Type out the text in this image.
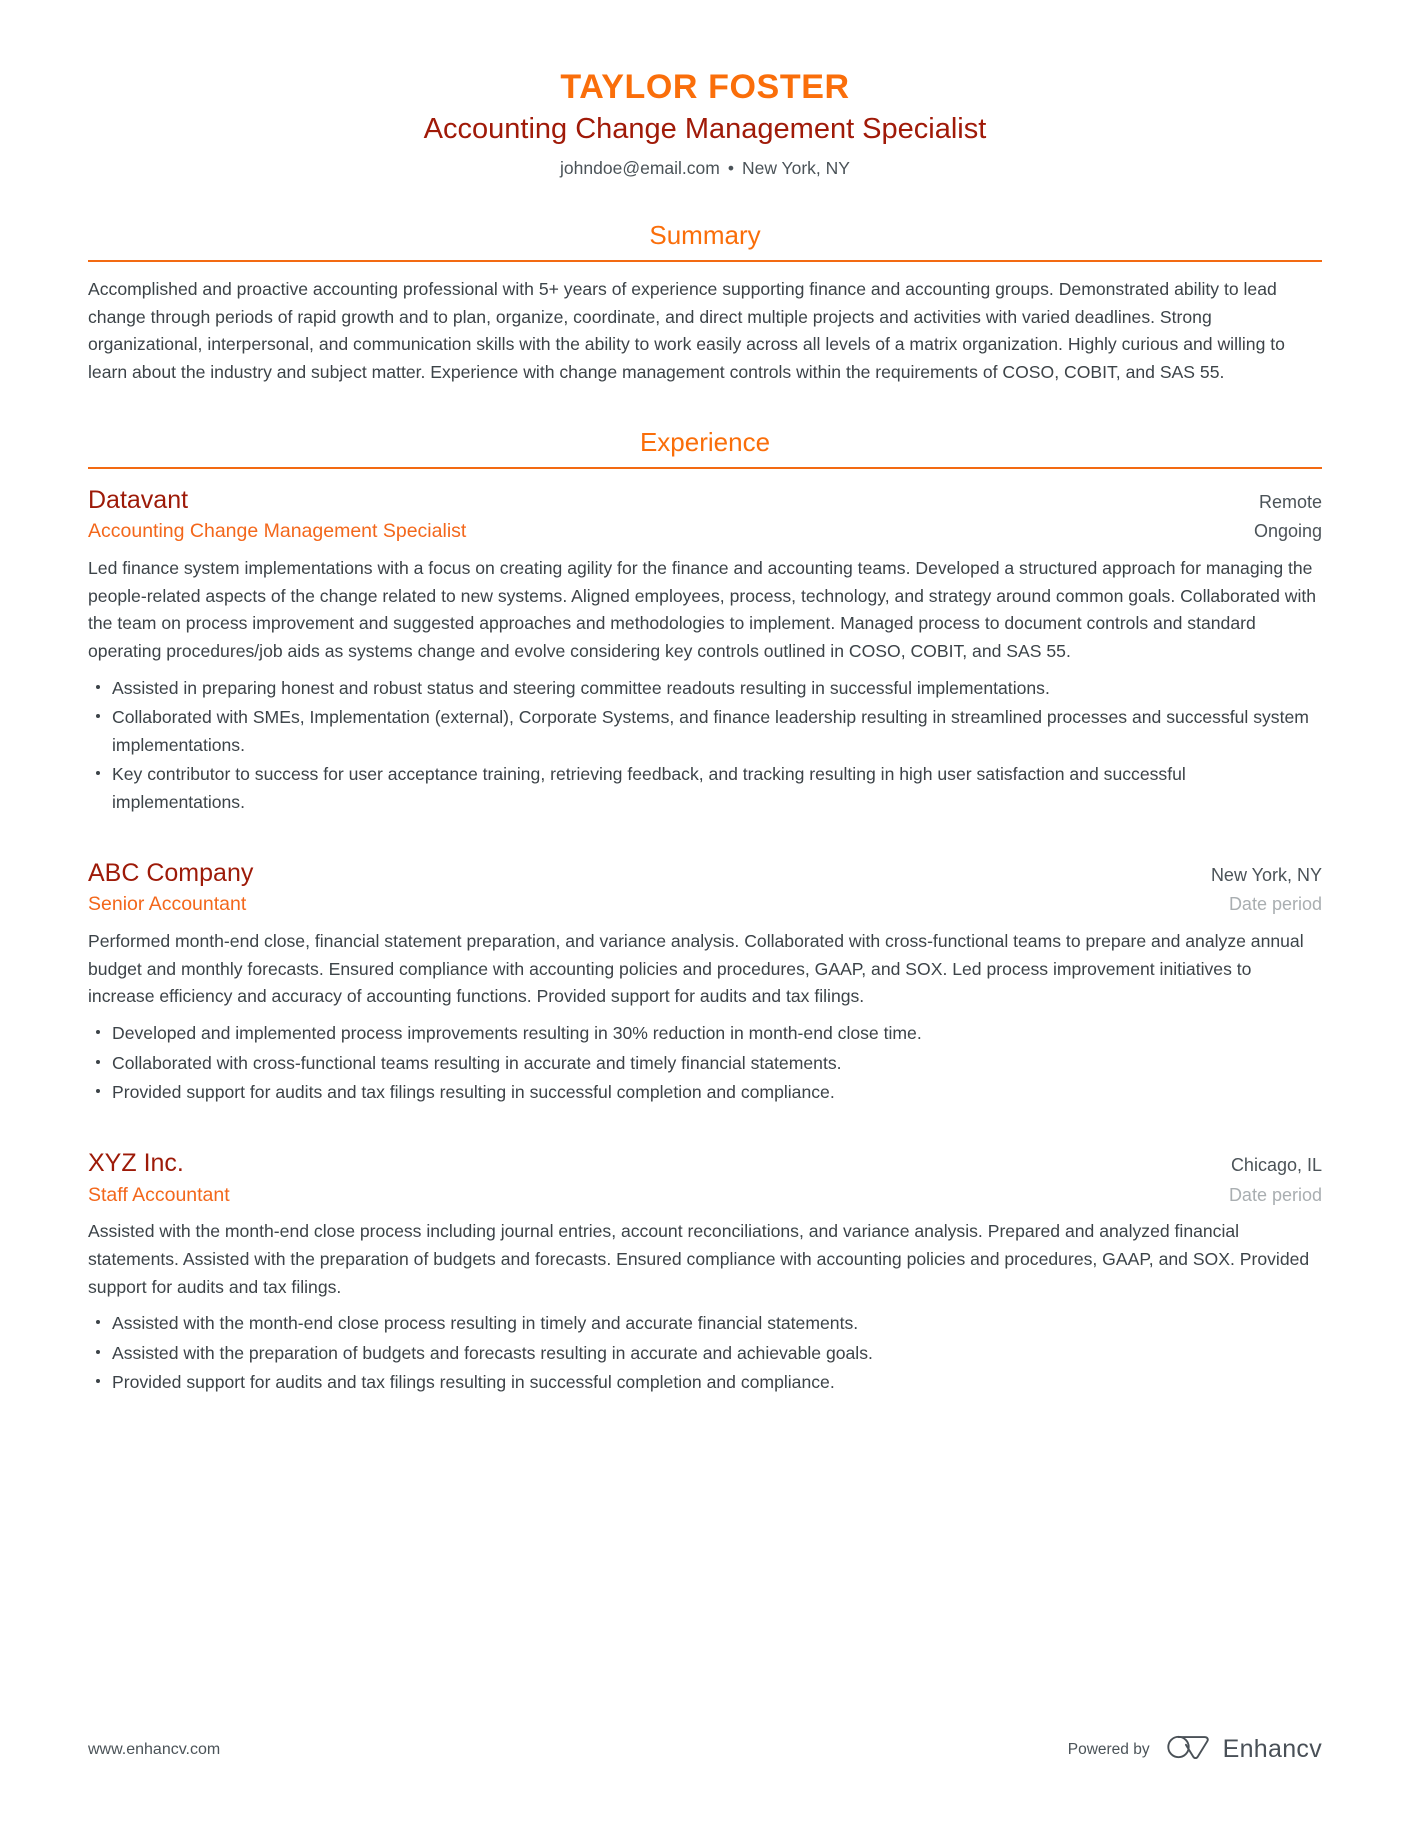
TAYLOR FOSTER
Accounting Change Management Specialist
johndoe@email.com • New York, NY
Summary

Accomplished and proactive accounting professional with 5+ years of experience supporting finance and accounting groups. Demonstrated ability to lead change through periods of rapid growth and to plan, organize, coordinate, and direct multiple projects and activities with varied deadlines. Strong organizational, interpersonal, and communication skills with the ability to work easily across all levels of a matrix organization. Highly curious and willing to learn about the industry and subject matter. Experience with change management controls within the requirements of COSO, COBIT, and SAS 55.

Experience
Datavant	Remote
Accounting Change Management Specialist	Ongoing

Led finance system implementations with a focus on creating agility for the finance and accounting teams. Developed a structured approach for managing the people-related aspects of the change related to new systems. Aligned employees, process, technology, and strategy around common goals. Collaborated with the team on process improvement and suggested approaches and methodologies to implement. Managed process to document controls and standard operating procedures/job aids as systems change and evolve considering key controls outlined in COSO, COBIT, and SAS 55.

Assisted in preparing honest and robust status and steering committee readouts resulting in successful implementations.
Collaborated with SMEs, Implementation (external), Corporate Systems, and finance leadership resulting in streamlined processes and successful system implementations.
Key contributor to success for user acceptance training, retrieving feedback, and tracking resulting in high user satisfaction and successful implementations.
ABC Company	New York, NY
Senior Accountant	Date period

Performed month-end close, financial statement preparation, and variance analysis. Collaborated with cross-functional teams to prepare and analyze annual budget and monthly forecasts. Ensured compliance with accounting policies and procedures, GAAP, and SOX. Led process improvement initiatives to increase efficiency and accuracy of accounting functions. Provided support for audits and tax filings.

Developed and implemented process improvements resulting in 30% reduction in month-end close time.
Collaborated with cross-functional teams resulting in accurate and timely financial statements.
Provided support for audits and tax filings resulting in successful completion and compliance.
XYZ Inc.	Chicago, IL
Staff Accountant	Date period

Assisted with the month-end close process including journal entries, account reconciliations, and variance analysis. Prepared and analyzed financial statements. Assisted with the preparation of budgets and forecasts. Ensured compliance with accounting policies and procedures, GAAP, and SOX. Provided support for audits and tax filings.

Assisted with the month-end close process resulting in timely and accurate financial statements.
Assisted with the preparation of budgets and forecasts resulting in accurate and achievable goals.
Provided support for audits and tax filings resulting in successful completion and compliance.
www.enhancv.com	Powered by	Enhancv
